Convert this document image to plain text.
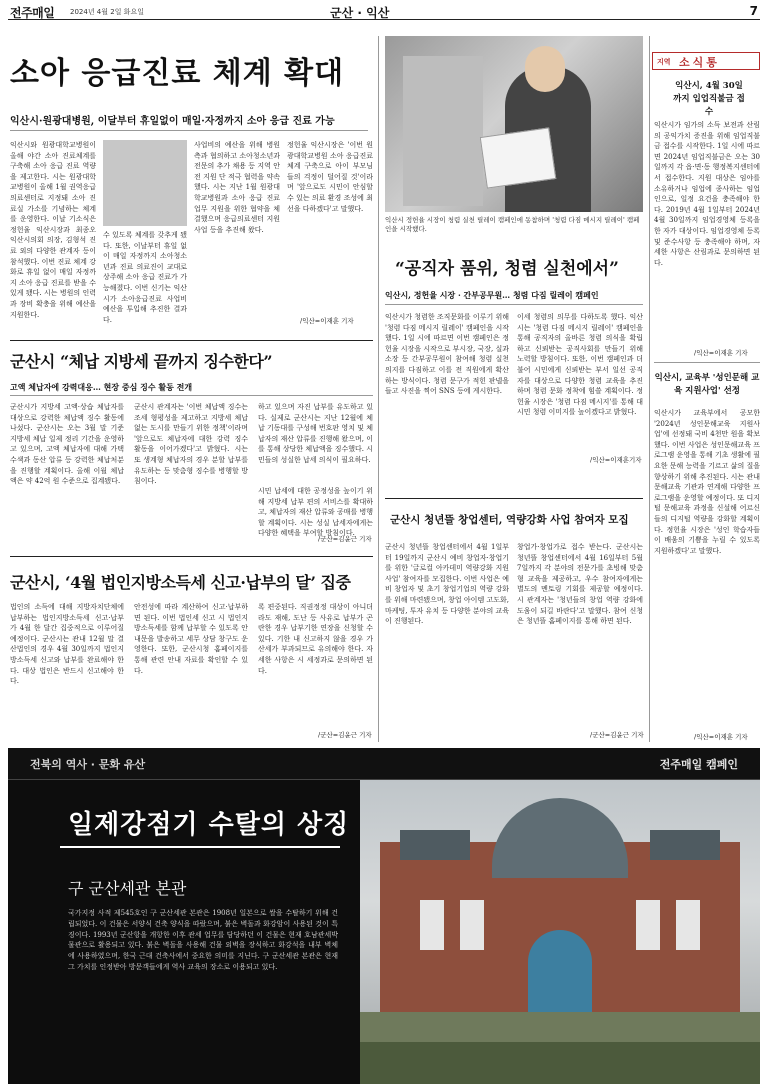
전주매일 2024년 4월 2일 화요일	군산 · 익산	7
소아 응급진료 체계 확대
익산시·원광대병원, 이달부터 휴일없이 매일·자정까지 소아 응급 진료 가능
익산시와 원광대학교병원이 올해 야간 소아 진료체계를 구축해 소아 응급 진료 역량을 제고한다. 시는 원광대학교병원이 올해 1월 권역응급의료센터로 지정돼 소아 진료실 가소를 기념하는 체계를 운영한다. 이날 기소식은 정헌율 익산시장과 최종오 익산시의회 의장, 김형석 진료 외의 다양한 관계자 등이 참석했다. 이번 진료 체계 강화로 휴일 없이 매일 자정까지 소아 응급 진료를 받을 수 있게 됐다. 시는 병원의 인력과 장비 확충을 위해 예산을 지원한다.
수 있도록 체계를 갖추게 됐다. 또한, 이날부터 휴일 없이 매일 자정까지 소아청소년과 진료 의료진이 교대로 상주해 소아 응급 진료가 가능해졌다. 이번 신기는 익산시가 소아응급진료 사업비 예산을 투입해 추진한 결과다.
사업비의 예산을 위해 병원 측과 협의하고 소아청소년과 전문의 추가 채용 등 지역 안전 지원 단 적극 협력을 약속했다. 시는 지난 1월 원광대학교병원과 소아 응급 진료 업무 지원을 위한 협약을 체결했으며 응급의료센터 지원 사업 등을 추진해 왔다.
정헌율 익산시장은 '이번 원광대학교병원 소아 응급진료 체계 구축으로 아이 부모님들의 걱정이 덜어질 것'이라며 '앞으로도 시민이 안심할 수 있는 의료 환경 조성에 최선을 다하겠다'고 말했다.
/익산=이재훈 기자
익산시 정헌율 시장이 청렴 실천 릴레이 캠페인에 동참하며 '청렴 다짐 메시지 릴레이' 캠페인을 시작했다.
“공직자 품위, 청렴 실천에서”
익산시, 정헌율 시장 · 간부공무원… 청렴 다짐 릴레이 캠페인
익산시가 청렴한 조직문화를 이루기 위해 '청렴 다짐 메시지 릴레이' 캠페인을 시작했다. 1일 시에 따르면 이번 캠페인은 정헌율 시장을 시작으로 부시장, 국장, 실과소장 등 간부공무원이 참여해 청렴 실천 의지를 다짐하고 이를 전 직원에게 확산하는 방식이다. 청렴 문구가 적힌 판넬을 들고 사진을 찍어 SNS 등에 게시한다.
이세 청렴의 의무를 다하도록 했다. 익산시는 '청렴 다짐 메시지 릴레이' 캠페인을 통해 공직자의 올바른 청렴 의식을 확립하고 신뢰받는 공직사회를 만들기 위해 노력할 방침이다. 또한, 이번 캠페인과 더불어 시민에게 신뢰받는 부서 일선 공직자를 대상으로 다양한 청렴 교육을 추진하며 청렴 문화 정착에 힘쓸 계획이다. 정헌율 시장은 '청렴 다짐 메시지'를 통해 대시민 청렴 이미지를 높이겠다고 밝혔다.
/익산=이재훈기자
군산시 “체납 지방세 끝까지 징수한다”
고액 체납자에 강력대응… 현장 중심 징수 활동 전개
군산시가 지방세 고액·상습 체납자를 대상으로 강력한 체납액 징수 활동에 나섰다. 군산시는 오는 3월 말 기준 지방세 체납 일제 정리 기간을 운영하고 있으며, 고액 체납자에 대해 가택수색과 동산 압류 등 강력한 체납처분을 진행할 계획이다. 올해 이월 체납액은 약 42억 원 수준으로 집계됐다.
군산시 관계자는 '이번 체납액 징수는 조세 형평성을 제고하고 지방세 체납 없는 도시를 만들기 위한 정책'이라며 '앞으로도 체납자에 대한 강력 징수 활동을 이어가겠다'고 밝혔다. 시는 또 생계형 체납자의 경우 분할 납부를 유도하는 등 맞춤형 징수를 병행할 방침이다.
하고 있으며 자진 납부를 유도하고 있다. 실제로 군산시는 지난 12월에 체납 기동대를 구성해 번호판 영치 및 체납자의 재산 압류를 진행해 왔으며, 이를 통해 상당한 체납액을 징수했다. 시민들의 성실한 납세 의식이 필요하다.
시민 납세에 대한 공정성을 높이기 위해 지방세 납부 편의 서비스를 확대하고, 체납자의 재산 압류와 공매를 병행할 계획이다. 시는 성실 납세자에게는 다양한 혜택을 부여할 방침이다.
/군산=김윤근 기자
군산시, ‘4월 법인지방소득세 신고·납부의 달’ 집중
법인의 소득에 대해 지방자치단체에 납부하는 법인지방소득세 신고·납부가 4월 한 달간 집중적으로 이루어질 예정이다. 군산시는 관내 12월 말 결산법인의 경우 4월 30일까지 법인지방소득세 신고와 납부를 완료해야 한다. 대상 법인은 반드시 신고해야 한다.
안전성에 따라 계산하여 신고·납부하면 된다. 이번 법인세 신고 시 법인지방소득세를 함께 납부할 수 있도록 안내문을 발송하고 세무 상담 창구도 운영한다. 또한, 군산시청 홈페이지를 통해 관련 안내 자료를 확인할 수 있다.
록 편중된다. 직권정정 대상이 아니더라도 재해, 도난 등 사유로 납부가 곤란한 경우 납부기한 연장을 신청할 수 있다. 기한 내 신고하지 않을 경우 가산세가 부과되므로 유의해야 한다. 자세한 사항은 시 세정과로 문의하면 된다.
/군산=김윤근 기자
군산시 청년뜰 창업센터, 역량강화 사업 참여자 모집
군산시 청년뜰 창업센터에서 4월 1일부터 19일까지 군산시 예비 창업자·창업기를 위한 '글로컬 아카데미 역량강화 지원사업' 참여자를 모집한다. 이번 사업은 예비 창업자 및 초기 창업기업의 역량 강화를 위해 마련됐으며, 창업 아이템 고도화, 마케팅, 투자 유치 등 다양한 분야의 교육이 진행된다.
창업가·창업가로 접수 받는다. 군산시는 청년뜰 창업센터에서 4월 16일부터 5월 7일까지 각 분야의 전문가를 초빙해 맞춤형 교육을 제공하고, 우수 참여자에게는 별도의 멘토링 기회를 제공할 예정이다. 시 관계자는 '청년들의 창업 역량 강화에 도움이 되길 바란다'고 말했다. 참여 신청은 청년뜰 홈페이지를 통해 하면 된다.
/군산=김윤근 기자
지역 소식통
익산시, 4월 30일까지 입업직불금 접수
익산시가 임가의 소득 보전과 산림의 공익가치 증진을 위해 임업직불금 접수를 시작한다. 1일 시에 따르면 2024년 임업직불금은 오는 30일까지 각 읍·면·동 행정복지센터에서 접수한다. 지원 대상은 임야를 소유하거나 임업에 종사하는 임업인으로, 일정 요건을 충족해야 한다. 2019년 4월 1일부터 2024년 4월 30일까지 임업경영체 등록을 한 자가 대상이다. 임업경영체 등록 및 준수사항 등 충족해야 하며, 자세한 사항은 산림과로 문의하면 된다.
/익산=이재훈 기자
익산시, 교육부 '성인문해 교육 지원사업' 선정
익산시가 교육부에서 공모한 '2024년 성인문해교육 지원사업'에 선정돼 국비 4천만 원을 확보했다. 이번 사업은 성인문해교육 프로그램 운영을 통해 기초 생활에 필요한 문해 능력을 기르고 삶의 질을 향상하기 위해 추진된다. 시는 관내 문해교육 기관과 연계해 다양한 프로그램을 운영할 예정이다. 또 디지털 문해교육 과정을 신설해 어르신들의 디지털 역량을 강화할 계획이다. 정헌율 시장은 '성인 학습자들이 배움의 기쁨을 누릴 수 있도록 지원하겠다'고 말했다.
/익산=이재훈 기자
전북의 역사 · 문화 유산	전주매일 캠페인
일제강점기 수탈의 상징
구 군산세관 본관
국가지정 사적 제545호인 구 군산세관 본관은 1908년 일본으로 쌀을 수탈하기 위해 건립되었다. 이 건물은 서양식 건축 양식을 따랐으며, 붉은 벽돌과 화강암이 사용된 것이 특징이다. 1993년 군산항을 개항한 이후 관세 업무를 담당하던 이 건물은 현재 호남관세박물관으로 활용되고 있다. 붉은 벽돌을 사용해 건물 외벽을 장식하고 화강석을 내부 벽체에 사용하였으며, 한국 근대 건축사에서 중요한 의미를 지닌다. 구 군산세관 본관은 현재 그 가치를 인정받아 방문객들에게 역사 교육의 장소로 이용되고 있다.
